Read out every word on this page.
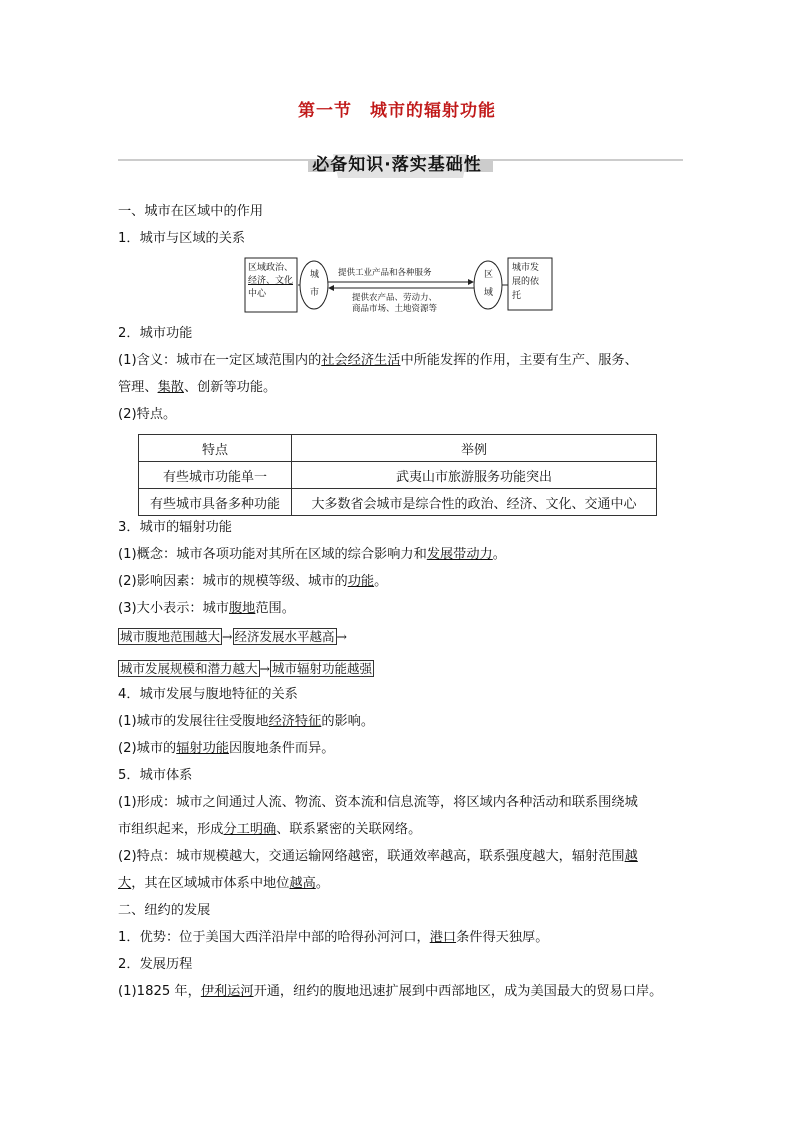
第一节　城市的辐射功能
必备知识·落实基础性
一、城市在区域中的作用
1．城市与区域的关系
区域政治、
经济、文化
中心
城
市
提供工业产品和各种服务
提供农产品、劳动力、
商品市场、土地资源等
区
域
城市发
展的依
托
2．城市功能
(1)含义：城市在一定区域范围内的社会经济生活中所能发挥的作用，主要有生产、服务、
管理、集散、创新等功能。
(2)特点。
特点	举例
有些城市功能单一	武夷山市旅游服务功能突出
有些城市具备多种功能	大多数省会城市是综合性的政治、经济、文化、交通中心
3．城市的辐射功能
(1)概念：城市各项功能对其所在区域的综合影响力和发展带动力。
(2)影响因素：城市的规模等级、城市的功能。
(3)大小表示：城市腹地范围。
城市腹地范围越大 → 经济发展水平越高 →
城市发展规模和潜力越大 → 城市辐射功能越强
4．城市发展与腹地特征的关系
(1)城市的发展往往受腹地经济特征的影响。
(2)城市的辐射功能因腹地条件而异。
5．城市体系
(1)形成：城市之间通过人流、物流、资本流和信息流等，将区域内各种活动和联系围绕城
市组织起来，形成分工明确、联系紧密的关联网络。
(2)特点：城市规模越大，交通运输网络越密，联通效率越高，联系强度越大，辐射范围越
大，其在区域城市体系中地位越高。
二、纽约的发展
1．优势：位于美国大西洋沿岸中部的哈得孙河河口，港口条件得天独厚。
2．发展历程
(1)1825 年，伊利运河开通，纽约的腹地迅速扩展到中西部地区，成为美国最大的贸易口岸。
